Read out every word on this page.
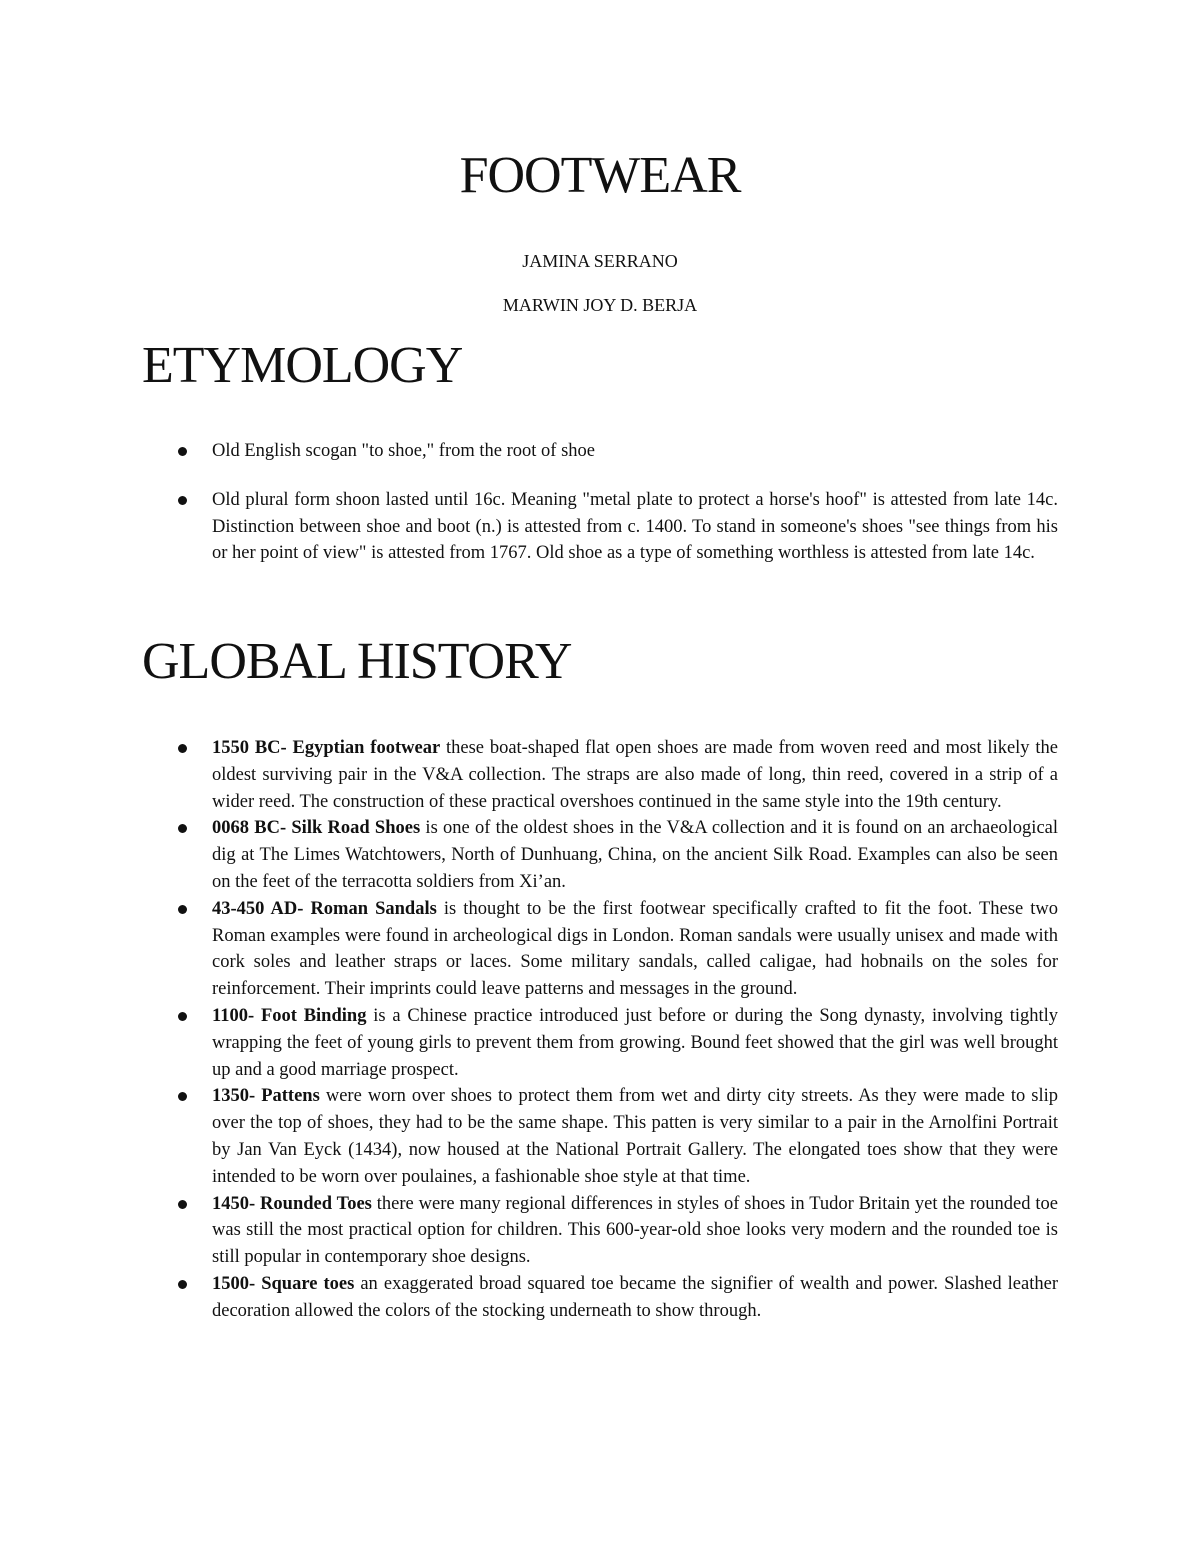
FOOTWEAR

JAMINA SERRANO

MARWIN JOY D. BERJA

ETYMOLOGY
Old English scogan "to shoe," from the root of shoe
Old plural form shoon lasted until 16c. Meaning "metal plate to protect a horse's hoof" is attested from late 14c. Distinction between shoe and boot (n.) is attested from c. 1400. To stand in someone's shoes "see things from his or her point of view" is attested from 1767. Old shoe as a type of something worthless is attested from late 14c.
GLOBAL HISTORY
1550 BC- Egyptian footwear these boat-shaped flat open shoes are made from woven reed and most likely the oldest surviving pair in the V&A collection. The straps are also made of long, thin reed, covered in a strip of a wider reed. The construction of these practical overshoes continued in the same style into the 19th century.
0068 BC- Silk Road Shoes is one of the oldest shoes in the V&A collection and it is found on an archaeological dig at The Limes Watchtowers, North of Dunhuang, China, on the ancient Silk Road. Examples can also be seen on the feet of the terracotta soldiers from Xi’an.
43-450 AD- Roman Sandals is thought to be the first footwear specifically crafted to fit the foot. These two Roman examples were found in archeological digs in London. Roman sandals were usually unisex and made with cork soles and leather straps or laces. Some military sandals, called caligae, had hobnails on the soles for reinforcement. Their imprints could leave patterns and messages in the ground.
1100- Foot Binding is a Chinese practice introduced just before or during the Song dynasty, involving tightly wrapping the feet of young girls to prevent them from growing. Bound feet showed that the girl was well brought up and a good marriage prospect.
1350- Pattens were worn over shoes to protect them from wet and dirty city streets. As they were made to slip over the top of shoes, they had to be the same shape. This patten is very similar to a pair in the Arnolfini Portrait by Jan Van Eyck (1434), now housed at the National Portrait Gallery. The elongated toes show that they were intended to be worn over poulaines, a fashionable shoe style at that time.
1450- Rounded Toes there were many regional differences in styles of shoes in Tudor Britain yet the rounded toe was still the most practical option for children. This 600-year-old shoe looks very modern and the rounded toe is still popular in contemporary shoe designs.
1500- Square toes an exaggerated broad squared toe became the signifier of wealth and power. Slashed leather decoration allowed the colors of the stocking underneath to show through.
